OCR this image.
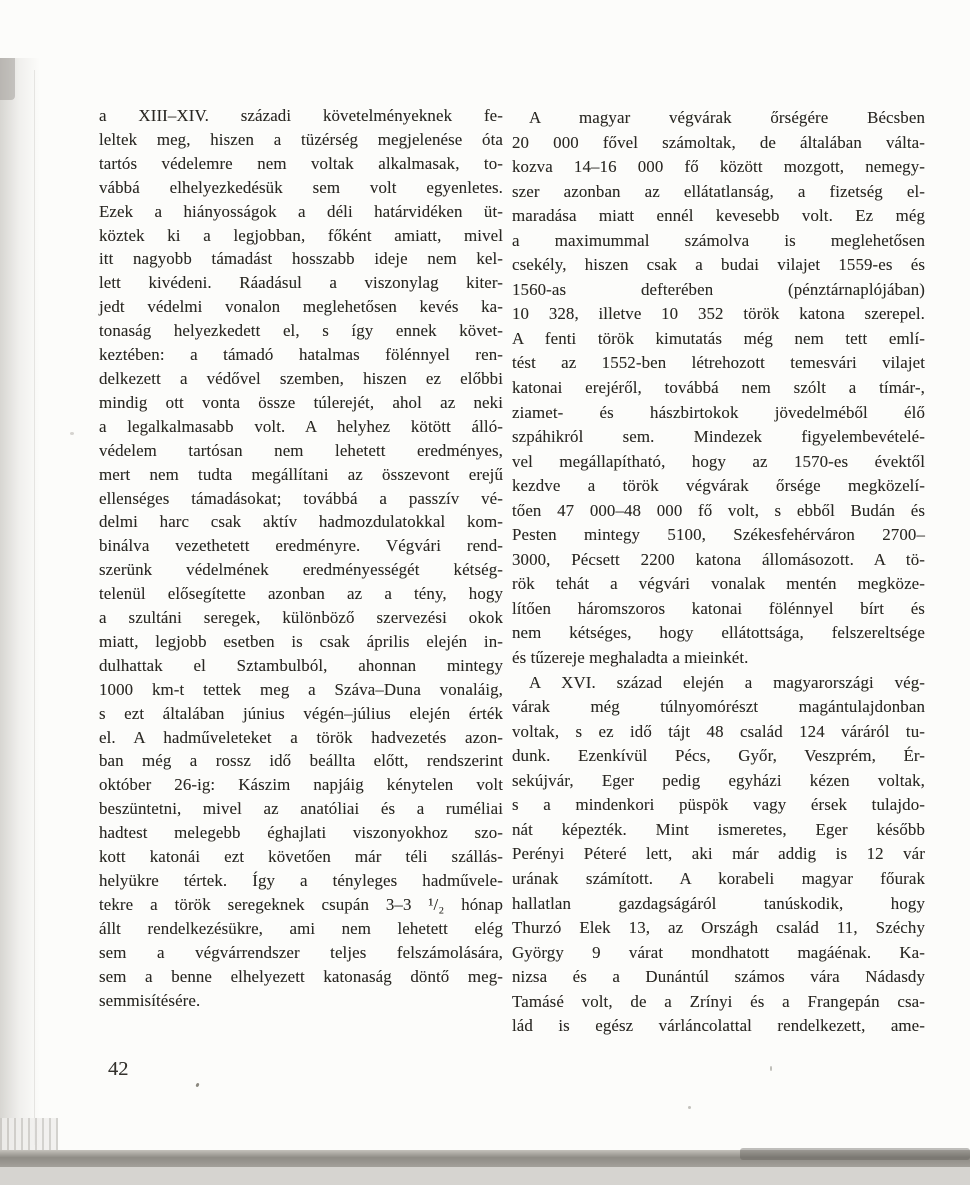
a XIII–XIV. századi követelményeknek fe-
leltek meg, hiszen a tüzérség megjelenése óta
tartós védelemre nem voltak alkalmasak, to-
vábbá elhelyezkedésük sem volt egyenletes.
Ezek a hiányosságok a déli határvidéken üt-
köztek ki a legjobban, főként amiatt, mivel
itt nagyobb támadást hosszabb ideje nem kel-
lett kivédeni. Ráadásul a viszonylag kiter-
jedt védelmi vonalon meglehetősen kevés ka-
tonaság helyezkedett el, s így ennek követ-
keztében: a támadó hatalmas fölénnyel ren-
delkezett a védővel szemben, hiszen ez előbbi
mindig ott vonta össze túlerejét, ahol az neki
a legalkalmasabb volt. A helyhez kötött álló-
védelem tartósan nem lehetett eredményes,
mert nem tudta megállítani az összevont erejű
ellenséges támadásokat; továbbá a passzív vé-
delmi harc csak aktív hadmozdulatokkal kom-
binálva vezethetett eredményre. Végvári rend-
szerünk védelmének eredményességét kétség-
telenül elősegítette azonban az a tény, hogy
a szultáni seregek, különböző szervezési okok
miatt, legjobb esetben is csak április elején in-
dulhattak el Sztambulból, ahonnan mintegy
1000 km-t tettek meg a Száva–Duna vonaláig,
s ezt általában június végén–július elején érték
el. A hadműveleteket a török hadvezetés azon-
ban még a rossz idő beállta előtt, rendszerint
október 26-ig: Kászim napjáig kénytelen volt
beszüntetni, mivel az anatóliai és a ruméliai
hadtest melegebb éghajlati viszonyokhoz szo-
kott katonái ezt követően már téli szállás-
helyükre tértek. Így a tényleges hadművele-
tekre a török seregeknek csupán 3–3 ¹/₂ hónap
állt rendelkezésükre, ami nem lehetett elég
sem a végvárrendszer teljes felszámolására,
sem a benne elhelyezett katonaság döntő meg-
semmisítésére.
A magyar végvárak őrségére Bécsben
20 000 fővel számoltak, de általában válta-
kozva 14–16 000 fő között mozgott, nemegy-
szer azonban az ellátatlanság, a fizetség el-
maradása miatt ennél kevesebb volt. Ez még
a maximummal számolva is meglehetősen
csekély, hiszen csak a budai vilajet 1559-es és
1560-as defterében (pénztárnaplójában)
10 328, illetve 10 352 török katona szerepel.
A fenti török kimutatás még nem tett emlí-
tést az 1552-ben létrehozott temesvári vilajet
katonai erejéről, továbbá nem szólt a tímár-,
ziamet- és hászbirtokok jövedelméből élő
szpáhikról sem. Mindezek figyelembevételé-
vel megállapítható, hogy az 1570-es évektől
kezdve a török végvárak őrsége megközelí-
tően 47 000–48 000 fő volt, s ebből Budán és
Pesten mintegy 5100, Székesfehérváron 2700–
3000, Pécsett 2200 katona állomásozott. A tö-
rök tehát a végvári vonalak mentén megköze-
lítően háromszoros katonai fölénnyel bírt és
nem kétséges, hogy ellátottsága, felszereltsége
és tűzereje meghaladta a mieinkét.
A XVI. század elején a magyarországi vég-
várak még túlnyomórészt magántulajdonban
voltak, s ez idő tájt 48 család 124 váráról tu-
dunk. Ezenkívül Pécs, Győr, Veszprém, Ér-
sekújvár, Eger pedig egyházi kézen voltak,
s a mindenkori püspök vagy érsek tulajdo-
nát képezték. Mint ismeretes, Eger később
Perényi Péteré lett, aki már addig is 12 vár
urának számított. A korabeli magyar főurak
hallatlan gazdagságáról tanúskodik, hogy
Thurzó Elek 13, az Országh család 11, Széchy
György 9 várat mondhatott magáénak. Ka-
nizsa és a Dunántúl számos vára Nádasdy
Tamásé volt, de a Zrínyi és a Frangepán csa-
lád is egész várláncolattal rendelkezett, ame-
42
